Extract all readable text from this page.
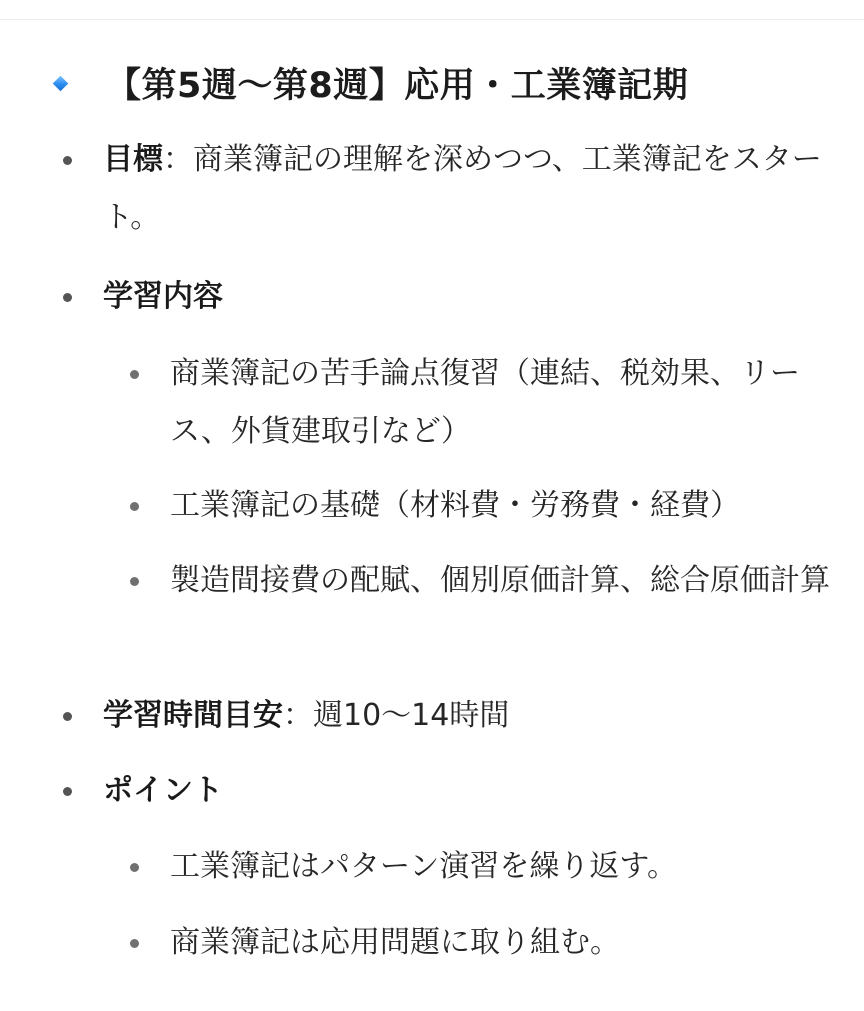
【第5週〜第8週】応用・工業簿記期
目標：商業簿記の理解を深めつつ、工業簿記をスタート。
学習内容
商業簿記の苦手論点復習（連結、税効果、リース、外貨建取引など）
工業簿記の基礎（材料費・労務費・経費）
製造間接費の配賦、個別原価計算、総合原価計算
学習時間目安：週10〜14時間
ポイント
工業簿記はパターン演習を繰り返す。
商業簿記は応用問題に取り組む。
